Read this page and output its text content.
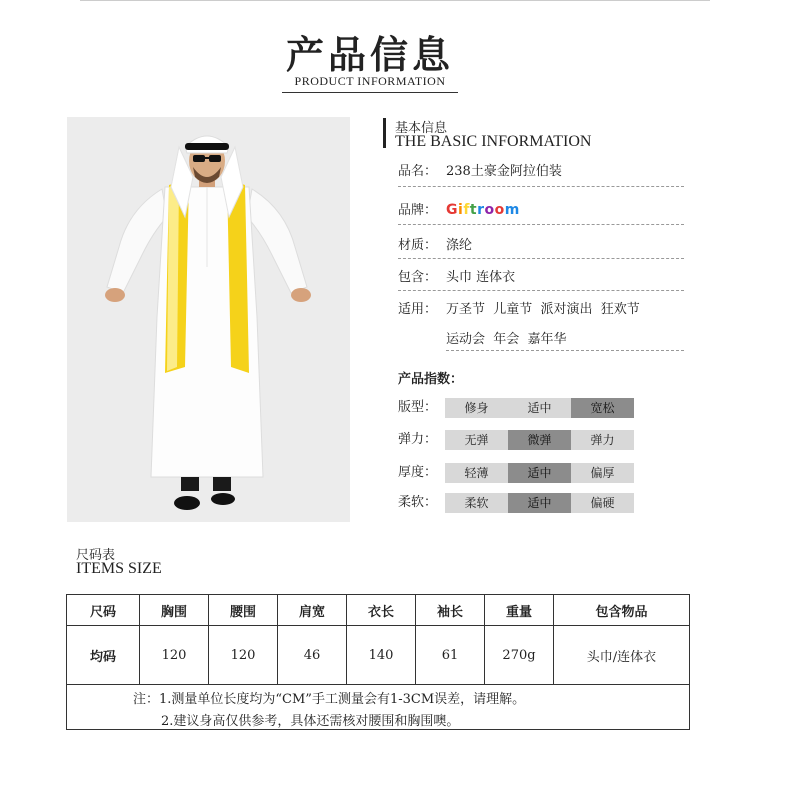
产品信息
PRODUCT INFORMATION
基本信息
THE BASIC INFORMATION
品名： 238土豪金阿拉伯装
品牌： Giftroom
材质： 涤纶
包含： 头巾 连体衣
适用： 万圣节  儿童节  派对演出  狂欢节
运动会  年会  嘉年华
产品指数：
版型：	修身	适中	宽松
弹力：	无弹	微弹	弹力
厚度：	轻薄	适中	偏厚
柔软：	柔软	适中	偏硬
尺码表
ITEMS SIZE
尺码	胸围	腰围	肩宽	衣长	袖长	重量	包含物品
均码	120	120	46	140	61	270g	头巾/连体衣
注：1.测量单位长度均为“CM”手工测量会有1-3CM误差，请理解。
2.建议身高仅供参考，具体还需核对腰围和胸围噢。
